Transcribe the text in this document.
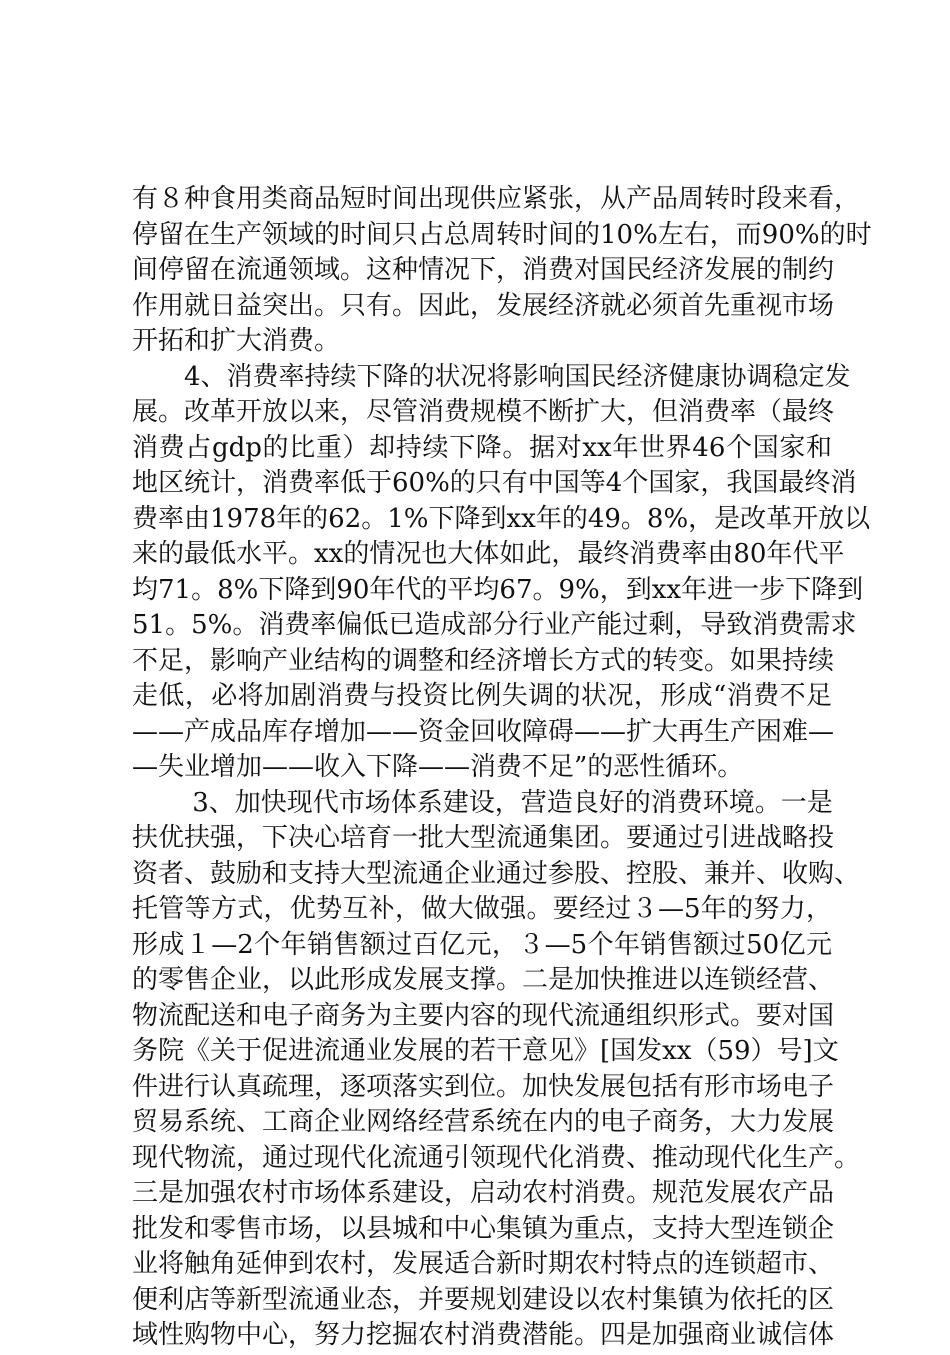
有８种食用类商品短时间出现供应紧张，从产品周转时段来看，
停留在生产领域的时间只占总周转时间的10%左右，而90%的时
间停留在流通领域。这种情况下，消费对国民经济发展的制约
作用就日益突出。只有。因此，发展经济就必须首先重视市场
开拓和扩大消费。
　　4、消费率持续下降的状况将影响国民经济健康协调稳定发
展。改革开放以来，尽管消费规模不断扩大，但消费率（最终
消费占gdp的比重）却持续下降。据对xx年世界46个国家和
地区统计，消费率低于60%的只有中国等4个国家，我国最终消
费率由1978年的62。1%下降到xx年的49。8%，是改革开放以
来的最低水平。xx的情况也大体如此，最终消费率由80年代平
均71。8%下降到90年代的平均67。9%，到xx年进一步下降到
51。5%。消费率偏低已造成部分行业产能过剩，导致消费需求
不足，影响产业结构的调整和经济增长方式的转变。如果持续
走低，必将加剧消费与投资比例失调的状况，形成“消费不足
——产成品库存增加——资金回收障碍——扩大再生产困难—
—失业增加——收入下降——消费不足”的恶性循环。
　　 3、加快现代市场体系建设，营造良好的消费环境。一是
扶优扶强，下决心培育一批大型流通集团。要通过引进战略投
资者、鼓励和支持大型流通企业通过参股、控股、兼并、收购、
托管等方式，优势互补，做大做强。要经过３—5年的努力，
形成１—2个年销售额过百亿元，３—5个年销售额过50亿元
的零售企业，以此形成发展支撑。二是加快推进以连锁经营、
物流配送和电子商务为主要内容的现代流通组织形式。要对国
务院《关于促进流通业发展的若干意见》[国发xx（59）号]文
件进行认真疏理，逐项落实到位。加快发展包括有形市场电子
贸易系统、工商企业网络经营系统在内的电子商务，大力发展
现代物流，通过现代化流通引领现代化消费、推动现代化生产。
三是加强农村市场体系建设，启动农村消费。规范发展农产品
批发和零售市场，以县城和中心集镇为重点，支持大型连锁企
业将触角延伸到农村，发展适合新时期农村特点的连锁超市、
便利店等新型流通业态，并要规划建设以农村集镇为依托的区
域性购物中心，努力挖掘农村消费潜能。四是加强商业诚信体
